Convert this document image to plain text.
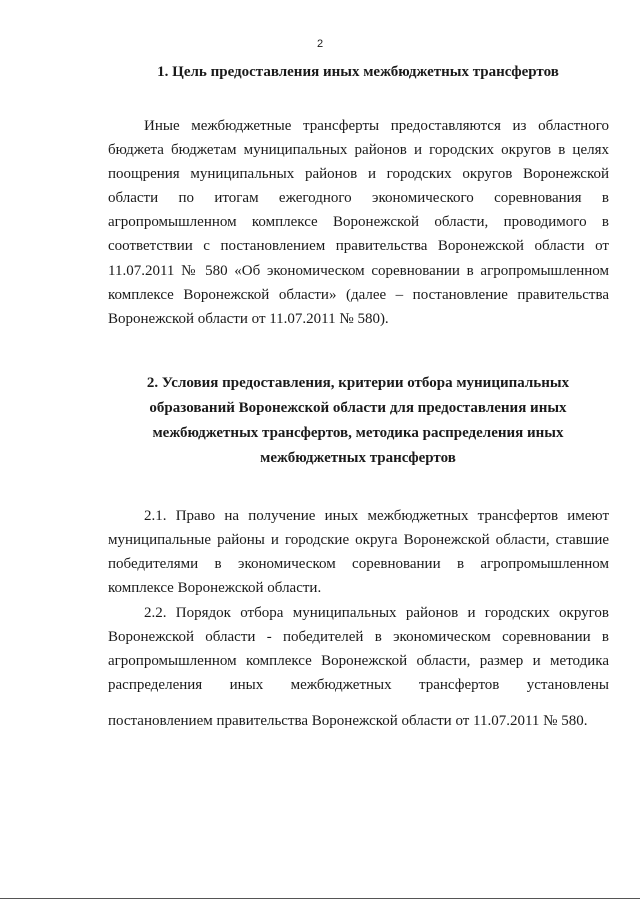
2
1. Цель предоставления иных межбюджетных трансфертов

Иные межбюджетные трансферты предоставляются из областного

бюджета бюджетам муниципальных районов и городских округов в целях

поощрения муниципальных районов и городских округов Воронежской

области по итогам ежегодного экономического соревнования в

агропромышленном комплексе Воронежской области, проводимого в

соответствии с постановлением правительства Воронежской области от

11.07.2011 № 580 «Об экономическом соревновании в агропромышленном

комплексе Воронежской области» (далее – постановление правительства

Воронежской области от 11.07.2011 № 580).

2. Условия предоставления, критерии отбора муниципальных

образований Воронежской области для предоставления иных

межбюджетных трансфертов, методика распределения иных

межбюджетных трансфертов

2.1. Право на получение иных межбюджетных трансфертов имеют

муниципальные районы и городские округа Воронежской области, ставшие

победителями в экономическом соревновании в агропромышленном

комплексе Воронежской области.

2.2. Порядок отбора муниципальных районов и городских округов

Воронежской области - победителей в экономическом соревновании в

агропромышленном комплексе Воронежской области, размер и методика

распределения иных межбюджетных трансфертов установлены

постановлением правительства Воронежской области от 11.07.2011 № 580.
